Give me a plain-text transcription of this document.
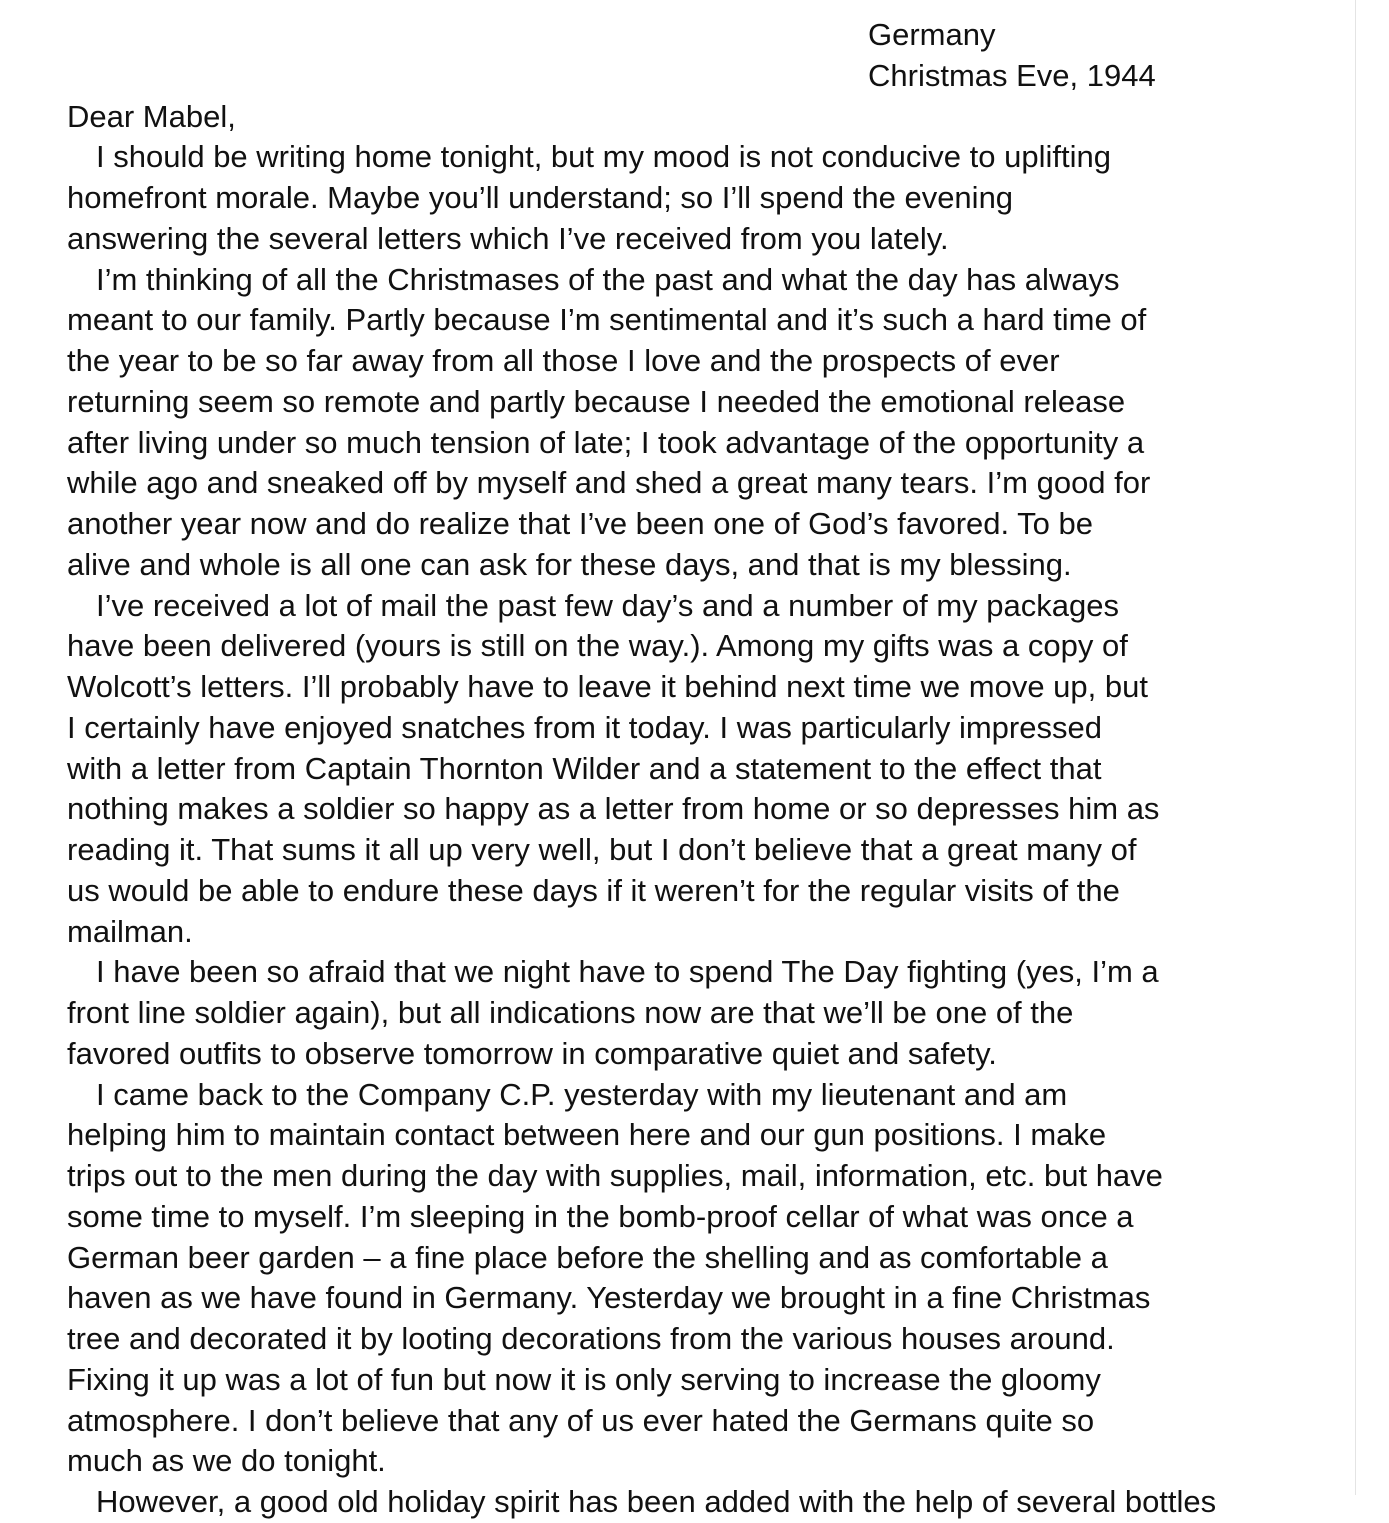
Germany
Christmas Eve, 1944
Dear Mabel,
I should be writing home tonight, but my mood is not conducive to uplifting
homefront morale. Maybe you’ll understand; so I’ll spend the evening
answering the several letters which I’ve received from you lately.
I’m thinking of all the Christmases of the past and what the day has always
meant to our family. Partly because I’m sentimental and it’s such a hard time of
the year to be so far away from all those I love and the prospects of ever
returning seem so remote and partly because I needed the emotional release
after living under so much tension of late; I took advantage of the opportunity a
while ago and sneaked off by myself and shed a great many tears. I’m good for
another year now and do realize that I’ve been one of God’s favored. To be
alive and whole is all one can ask for these days, and that is my blessing.
I’ve received a lot of mail the past few day’s and a number of my packages
have been delivered (yours is still on the way.). Among my gifts was a copy of
Wolcott’s letters. I’ll probably have to leave it behind next time we move up, but
I certainly have enjoyed snatches from it today. I was particularly impressed
with a letter from Captain Thornton Wilder and a statement to the effect that
nothing makes a soldier so happy as a letter from home or so depresses him as
reading it. That sums it all up very well, but I don’t believe that a great many of
us would be able to endure these days if it weren’t for the regular visits of the
mailman.
I have been so afraid that we night have to spend The Day fighting (yes, I’m a
front line soldier again), but all indications now are that we’ll be one of the
favored outfits to observe tomorrow in comparative quiet and safety.
I came back to the Company C.P. yesterday with my lieutenant and am
helping him to maintain contact between here and our gun positions. I make
trips out to the men during the day with supplies, mail, information, etc. but have
some time to myself. I’m sleeping in the bomb-proof cellar of what was once a
German beer garden – a fine place before the shelling and as comfortable a
haven as we have found in Germany. Yesterday we brought in a fine Christmas
tree and decorated it by looting decorations from the various houses around.
Fixing it up was a lot of fun but now it is only serving to increase the gloomy
atmosphere. I don’t believe that any of us ever hated the Germans quite so
much as we do tonight.
However, a good old holiday spirit has been added with the help of several bottles
